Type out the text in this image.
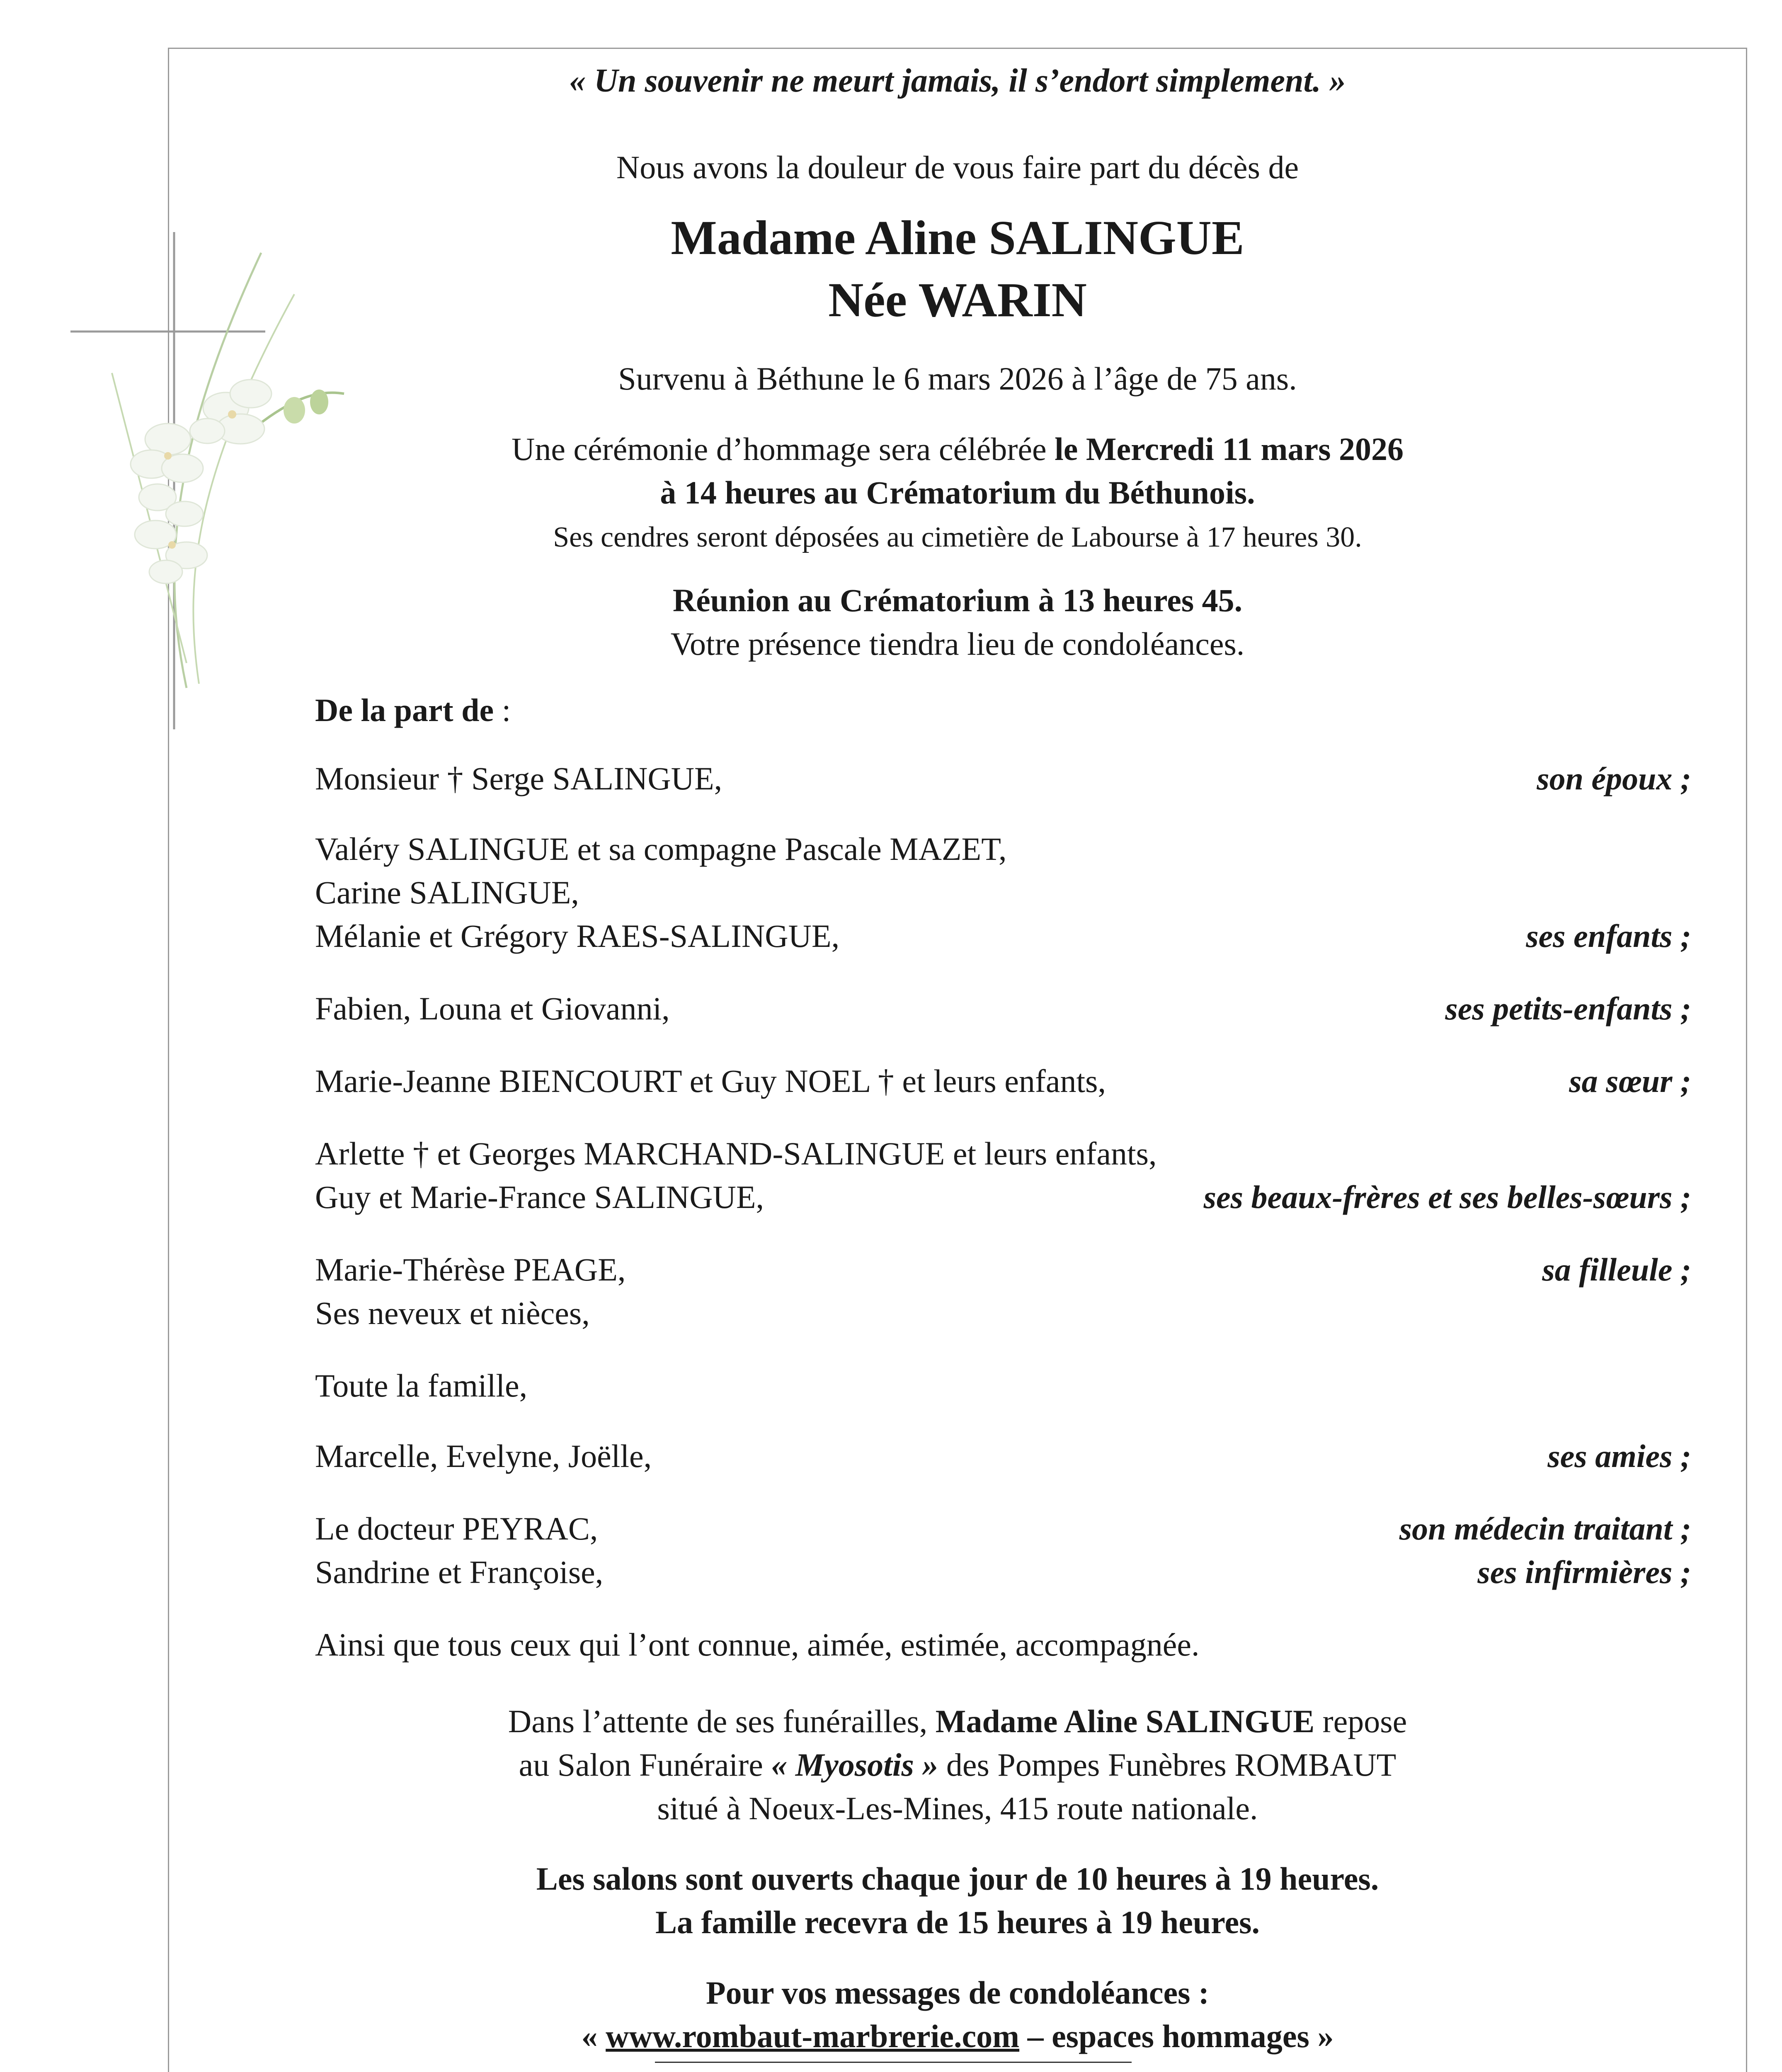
« Un souvenir ne meurt jamais, il s’endort simplement. »
Nous avons la douleur de vous faire part du décès de
Madame Aline SALINGUE
Née WARIN
Survenu à Béthune le 6 mars 2026 à l’âge de 75 ans.
Une cérémonie d’hommage sera célébrée le Mercredi 11 mars 2026
à 14 heures au Crématorium du Béthunois.
Ses cendres seront déposées au cimetière de Labourse à 17 heures 30.
Réunion au Crématorium à 13 heures 45.
Votre présence tiendra lieu de condoléances.
De la part de :
Monsieur † Serge SALINGUE,	son époux ;
Valéry SALINGUE et sa compagne Pascale MAZET,
Carine SALINGUE,
Mélanie et Grégory RAES-SALINGUE,	ses enfants ;
Fabien, Louna et Giovanni,	ses petits-enfants ;
Marie-Jeanne BIENCOURT et Guy NOEL † et leurs enfants,	sa sœur ;
Arlette † et Georges MARCHAND-SALINGUE et leurs enfants,
Guy et Marie-France SALINGUE,	ses beaux-frères et ses belles-sœurs ;
Marie-Thérèse PEAGE,	sa filleule ;
Ses neveux et nièces,
Toute la famille,
Marcelle, Evelyne, Joëlle,	ses amies ;
Le docteur PEYRAC,	son médecin traitant ;
Sandrine et Françoise,	ses infirmières ;
Ainsi que tous ceux qui l’ont connue, aimée, estimée, accompagnée.
Dans l’attente de ses funérailles, Madame Aline SALINGUE repose
au Salon Funéraire « Myosotis » des Pompes Funèbres ROMBAUT
situé à Noeux-Les-Mines, 415 route nationale.
Les salons sont ouverts chaque jour de 10 heures à 19 heures.
La famille recevra de 15 heures à 19 heures.
Pour vos messages de condoléances :
« www.rombaut-marbrerie.com – espaces hommages »
